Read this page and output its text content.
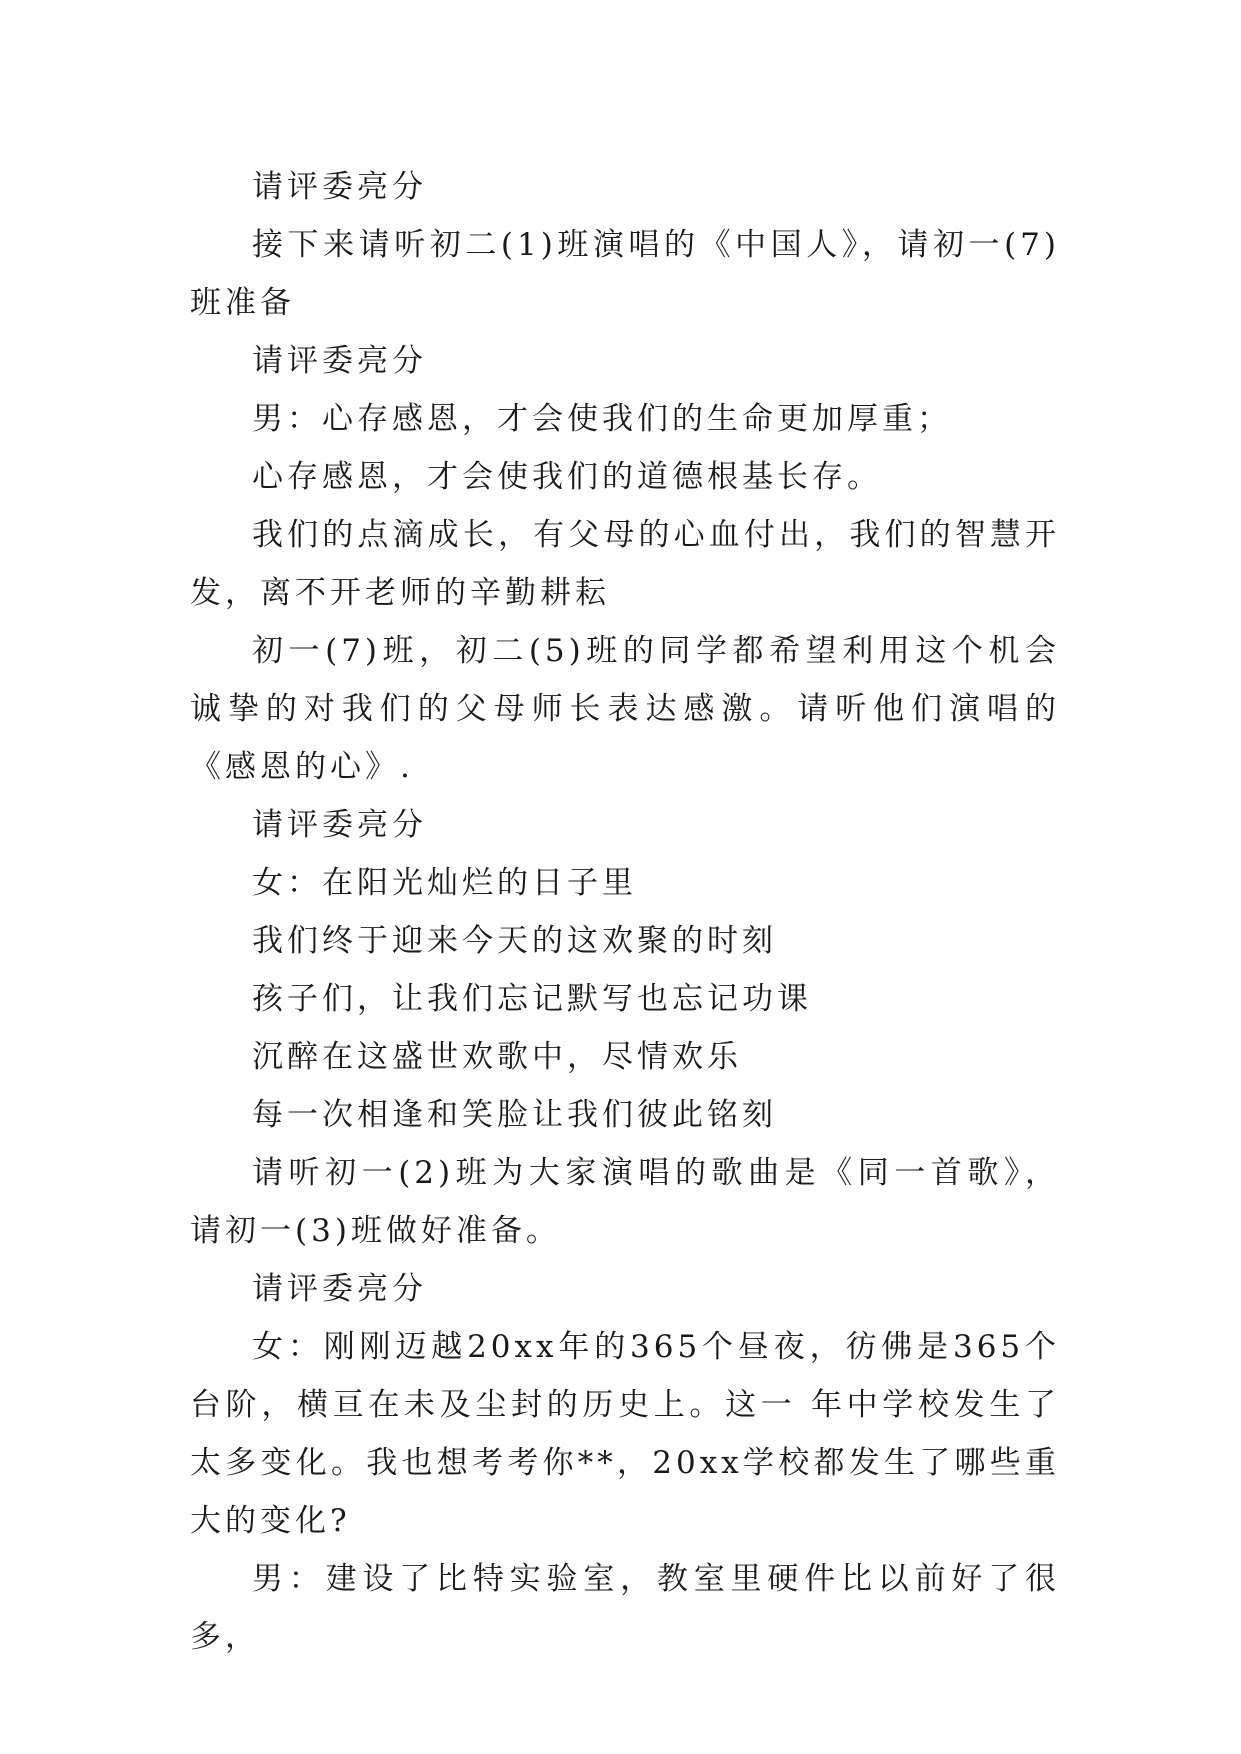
请评委亮分

接下来请听初二(1)班演唱的《中国人》，请初一(7)班准备

请评委亮分

男：心存感恩，才会使我们的生命更加厚重；

心存感恩，才会使我们的道德根基长存。

我们的点滴成长，有父母的心血付出，我们的智慧开发，离不开老师的辛勤耕耘

初一(7)班，初二(5)班的同学都希望利用这个机会诚挚的对我们的父母师长表达感激。请听他们演唱的《感恩的心》.

请评委亮分

女：在阳光灿烂的日子里

我们终于迎来今天的这欢聚的时刻

孩子们，让我们忘记默写也忘记功课

沉醉在这盛世欢歌中，尽情欢乐

每一次相逢和笑脸让我们彼此铭刻

请听初一(2)班为大家演唱的歌曲是《同一首歌》，请初一(3)班做好准备。

请评委亮分

女：刚刚迈越20xx年的365个昼夜，彷佛是365个台阶，横亘在未及尘封的历史上。这一 年中学校发生了太多变化。我也想考考你**，20xx学校都发生了哪些重大的变化?

男：建设了比特实验室，教室里硬件比以前好了很多，
